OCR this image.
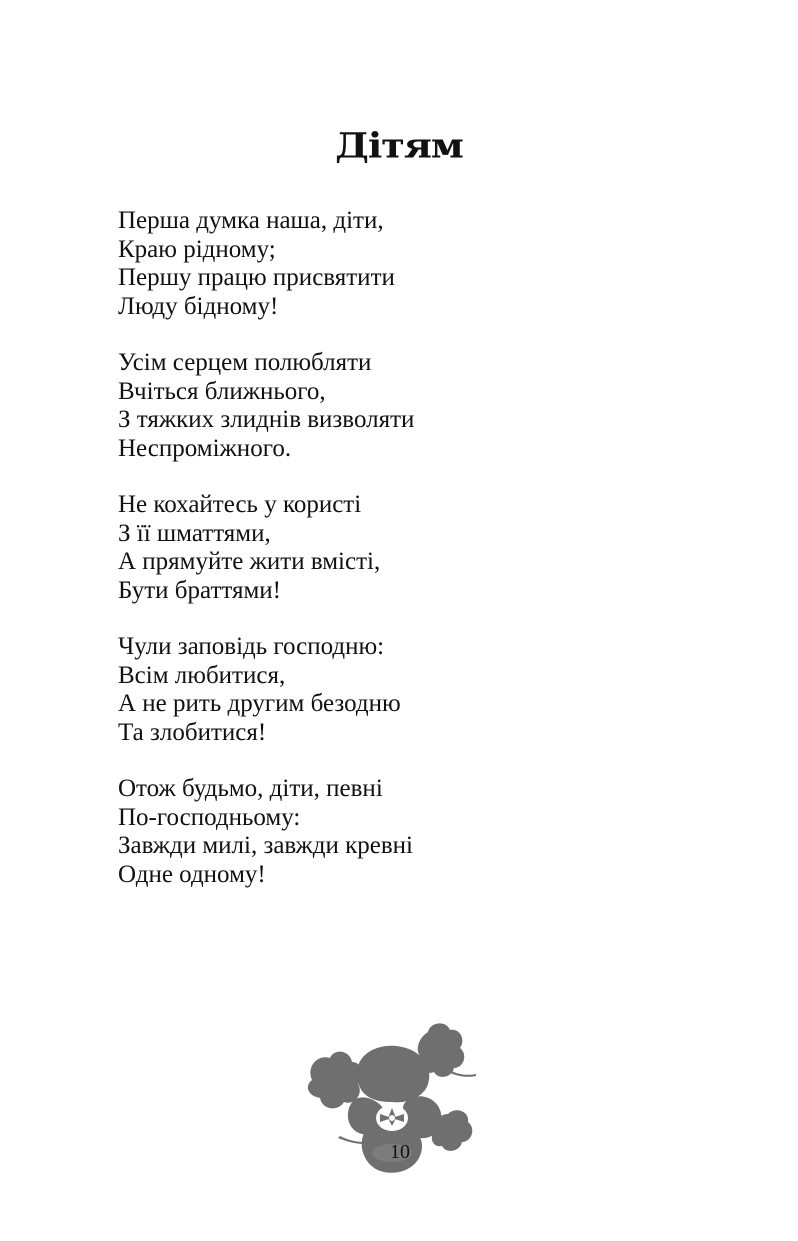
Дітям
Перша думка наша, діти,
Краю рідному;
Першу працю присвятити
Люду бідному!
Усім серцем полюбляти
Вчіться ближнього,
З тяжких злиднів визволяти
Неспроміжного.
Не кохайтесь у користі
З її шматтями,
А прямуйте жити вмісті,
Бути браттями!
Чули заповідь господню:
Всім любитися,
А не рить другим безодню
Та злобитися!
Отож будьмо, діти, певні
По-господньому:
Завжди милі, завжди кревні
Одне одному!
10
